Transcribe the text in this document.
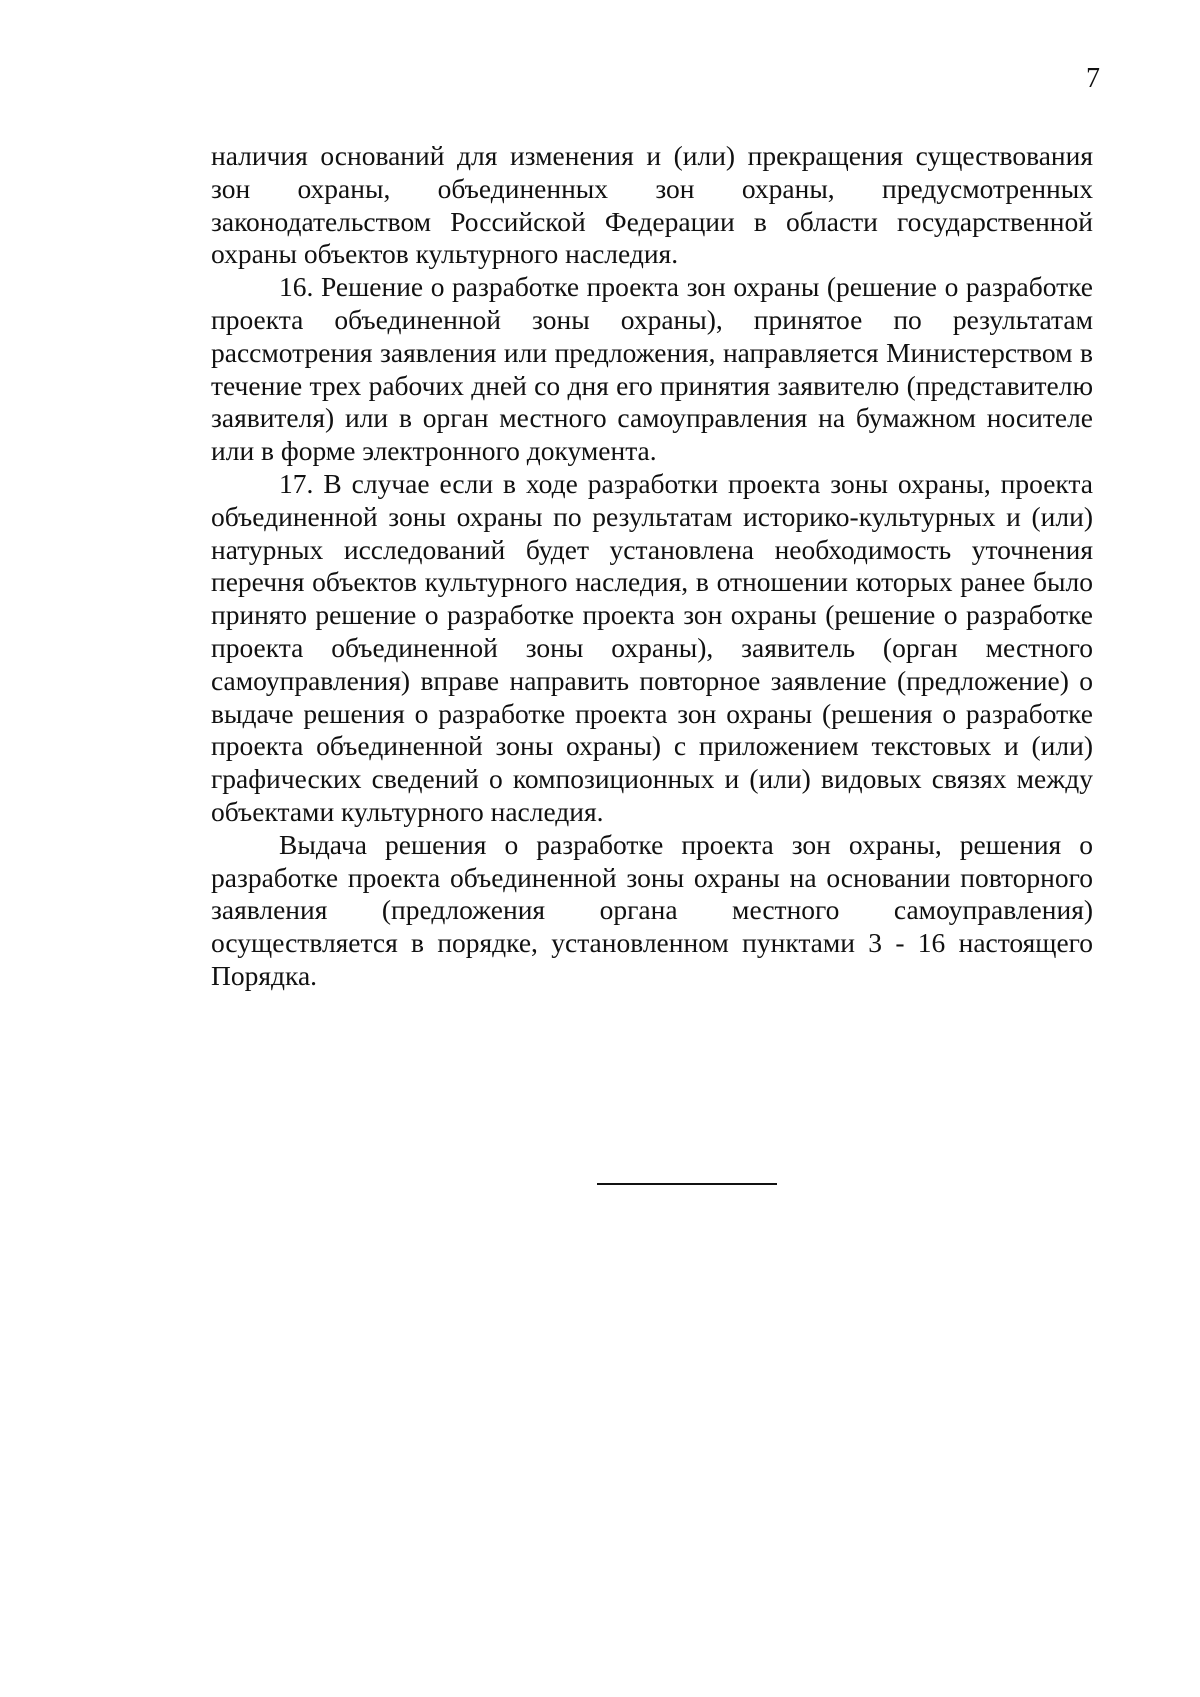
7

наличия оснований для изменения и (или) прекращения существования зон охраны, объединенных зон охраны, предусмотренных законодательством Российской Федерации в области государственной охраны объектов культурного наследия.

16. Решение о разработке проекта зон охраны (решение о разработке проекта объединенной зоны охраны), принятое по результатам рассмотрения заявления или предложения, направляется Министерством в течение трех рабочих дней со дня его принятия заявителю (представителю заявителя) или в орган местного самоуправления на бумажном носителе или в форме электронного документа.

17. В случае если в ходе разработки проекта зоны охраны, проекта объединенной зоны охраны по результатам историко-культурных и (или) натурных исследований будет установлена необходимость уточнения перечня объектов культурного наследия, в отношении которых ранее было принято решение о разработке проекта зон охраны (решение о разработке проекта объединенной зоны охраны), заявитель (орган местного самоуправления) вправе направить повторное заявление (предложение) о выдаче решения о разработке проекта зон охраны (решения о разработке проекта объединенной зоны охраны) с приложением текстовых и (или) графических сведений о композиционных и (или) видовых связях между объектами культурного наследия.

Выдача решения о разработке проекта зон охраны, решения о разработке проекта объединенной зоны охраны на основании повторного заявления (предложения органа местного самоуправления) осуществляется в порядке, установленном пунктами 3 - 16 настоящего Порядка.
